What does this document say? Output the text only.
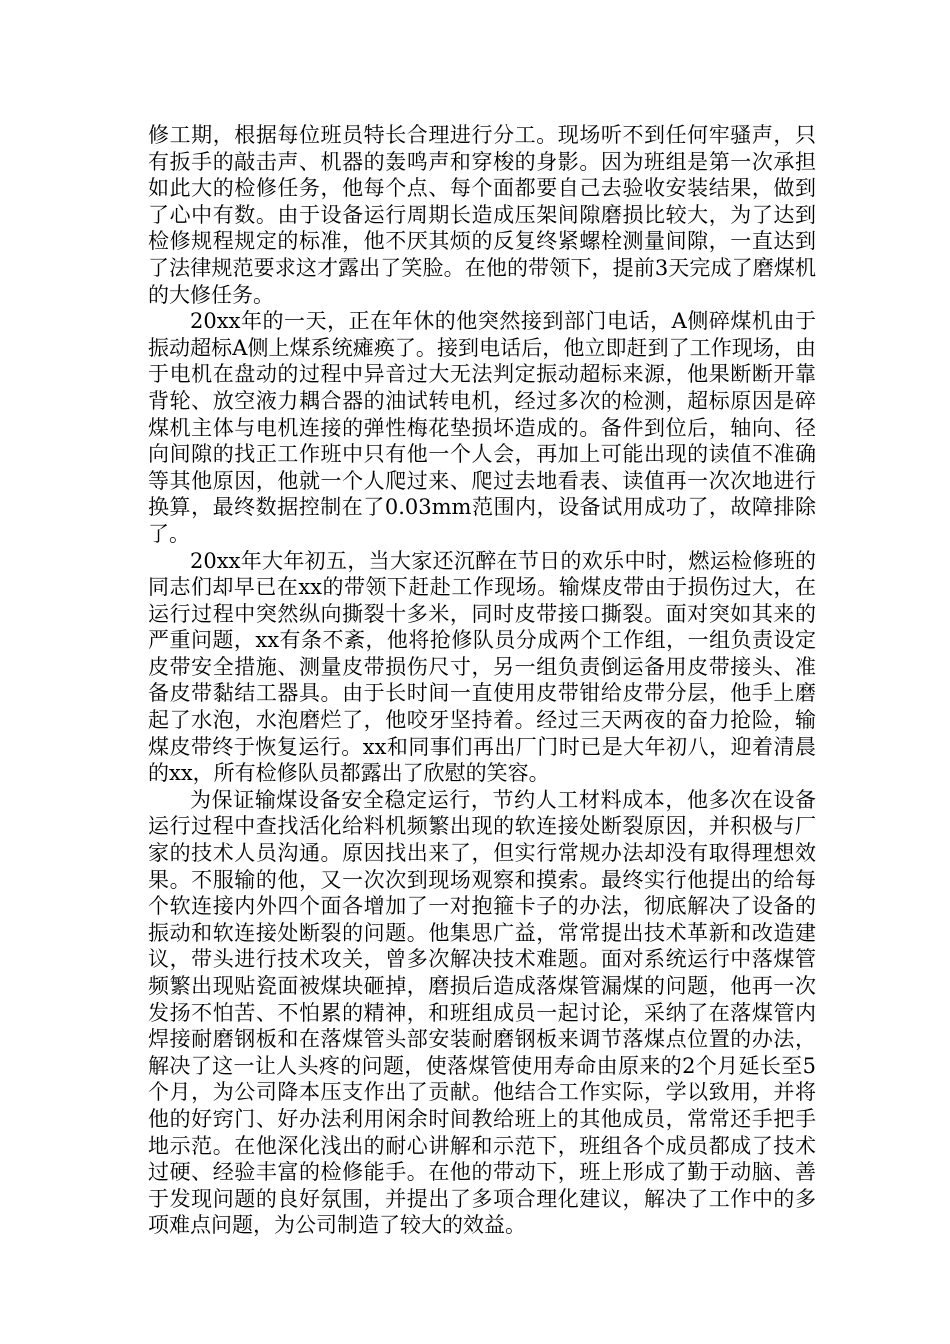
修工期，根据每位班员特长合理进行分工。现场听不到任何牢骚声，只有扳手的敲击声、机器的轰鸣声和穿梭的身影。因为班组是第一次承担如此大的检修任务，他每个点、每个面都要自己去验收安装结果，做到了心中有数。由于设备运行周期长造成压架间隙磨损比较大，为了达到检修规程规定的标准，他不厌其烦的反复终紧螺栓测量间隙，一直达到了法律规范要求这才露出了笑脸。在他的带领下，提前3天完成了磨煤机的大修任务。

20xx年的一天，正在年休的他突然接到部门电话，A侧碎煤机由于振动超标A侧上煤系统瘫痪了。接到电话后，他立即赶到了工作现场，由于电机在盘动的过程中异音过大无法判定振动超标来源，他果断断开靠背轮、放空液力耦合器的油试转电机，经过多次的检测，超标原因是碎煤机主体与电机连接的弹性梅花垫损坏造成的。备件到位后，轴向、径向间隙的找正工作班中只有他一个人会，再加上可能出现的读值不准确等其他原因，他就一个人爬过来、爬过去地看表、读值再一次次地进行换算，最终数据控制在了0.03mm范围内，设备试用成功了，故障排除了。

20xx年大年初五，当大家还沉醉在节日的欢乐中时，燃运检修班的同志们却早已在xx的带领下赶赴工作现场。输煤皮带由于损伤过大，在运行过程中突然纵向撕裂十多米，同时皮带接口撕裂。面对突如其来的严重问题，xx有条不紊，他将抢修队员分成两个工作组，一组负责设定皮带安全措施、测量皮带损伤尺寸，另一组负责倒运备用皮带接头、准备皮带黏结工器具。由于长时间一直使用皮带钳给皮带分层，他手上磨起了水泡，水泡磨烂了，他咬牙坚持着。经过三天两夜的奋力抢险，输煤皮带终于恢复运行。xx和同事们再出厂门时已是大年初八，迎着清晨的xx，所有检修队员都露出了欣慰的笑容。

为保证输煤设备安全稳定运行，节约人工材料成本，他多次在设备运行过程中查找活化给料机频繁出现的软连接处断裂原因，并积极与厂家的技术人员沟通。原因找出来了，但实行常规办法却没有取得理想效果。不服输的他，又一次次到现场观察和摸索。最终实行他提出的给每个软连接内外四个面各增加了一对抱箍卡子的办法，彻底解决了设备的振动和软连接处断裂的问题。他集思广益，常常提出技术革新和改造建议，带头进行技术攻关，曾多次解决技术难题。面对系统运行中落煤管频繁出现贴瓷面被煤块砸掉，磨损后造成落煤管漏煤的问题，他再一次发扬不怕苦、不怕累的精神，和班组成员一起讨论，采纳了在落煤管内焊接耐磨钢板和在落煤管头部安装耐磨钢板来调节落煤点位置的办法，解决了这一让人头疼的问题，使落煤管使用寿命由原来的2个月延长至5个月，为公司降本压支作出了贡献。他结合工作实际，学以致用，并将他的好窍门、好办法利用闲余时间教给班上的其他成员，常常还手把手地示范。在他深化浅出的耐心讲解和示范下，班组各个成员都成了技术过硬、经验丰富的检修能手。在他的带动下，班上形成了勤于动脑、善于发现问题的良好氛围，并提出了多项合理化建议，解决了工作中的多项难点问题，为公司制造了较大的效益。
